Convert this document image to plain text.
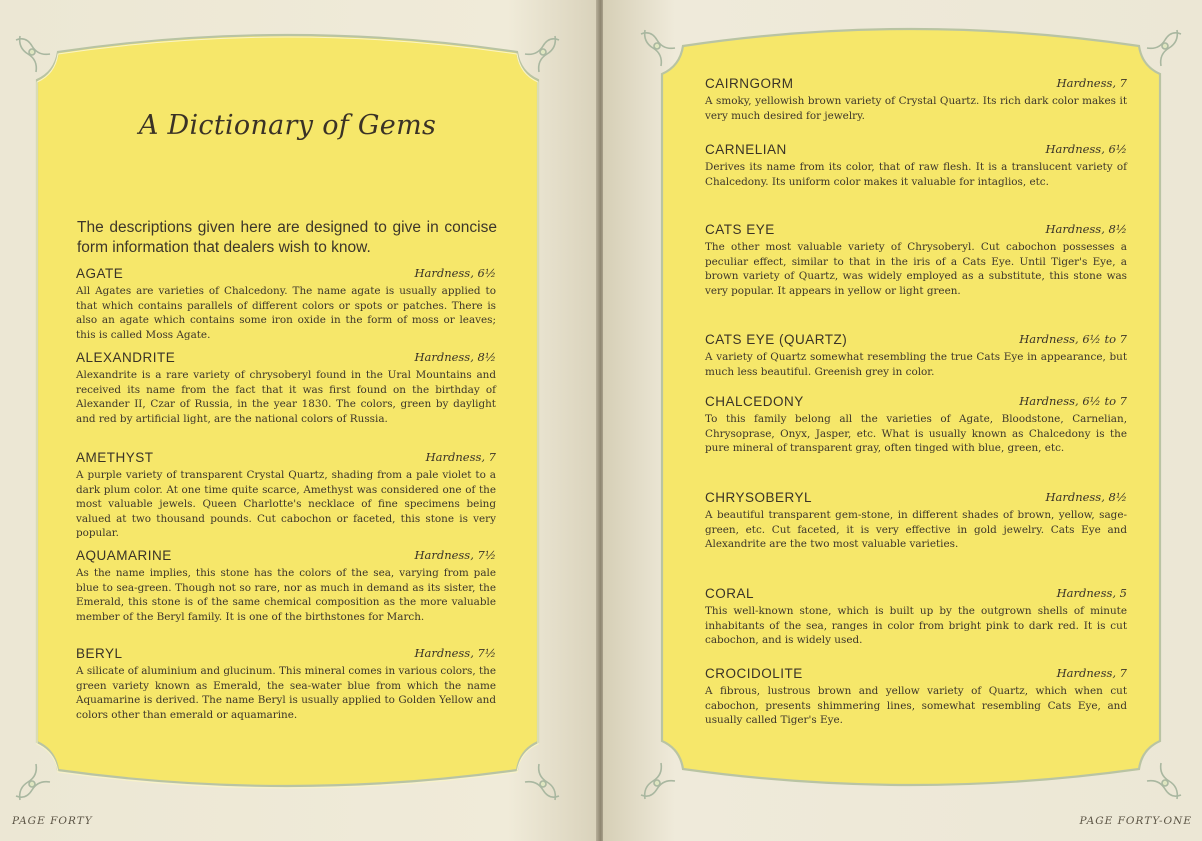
A Dictionary of Gems
The descriptions given here are designed to give in concise form information that dealers wish to know.
AGATE	Hardness, 6½
All Agates are varieties of Chalcedony. The name agate is usually applied to that which contains parallels of different colors or spots or patches. There is also an agate which contains some iron oxide in the form of moss or leaves; this is called Moss Agate.
ALEXANDRITE	Hardness, 8½
Alexandrite is a rare variety of chrysoberyl found in the Ural Mountains and received its name from the fact that it was first found on the birthday of Alexander II, Czar of Russia, in the year 1830. The colors, green by daylight and red by artificial light, are the national colors of Russia.
AMETHYST	Hardness, 7
A purple variety of transparent Crystal Quartz, shading from a pale violet to a dark plum color. At one time quite scarce, Amethyst was considered one of the most valuable jewels. Queen Charlotte's necklace of fine specimens being valued at two thousand pounds. Cut cabochon or faceted, this stone is very popular.
AQUAMARINE	Hardness, 7½
As the name implies, this stone has the colors of the sea, varying from pale blue to sea-green. Though not so rare, nor as much in demand as its sister, the Emerald, this stone is of the same chemical composition as the more valuable member of the Beryl family. It is one of the birthstones for March.
BERYL	Hardness, 7½
A silicate of aluminium and glucinum. This mineral comes in various colors, the green variety known as Emerald, the sea-water blue from which the name Aquamarine is derived. The name Beryl is usually applied to Golden Yellow and colors other than emerald or aquamarine.
PAGE FORTY
CAIRNGORM	Hardness, 7
A smoky, yellowish brown variety of Crystal Quartz. Its rich dark color makes it very much desired for jewelry.
CARNELIAN	Hardness, 6½
Derives its name from its color, that of raw flesh. It is a translucent variety of Chalcedony. Its uniform color makes it valuable for intaglios, etc.
CATS EYE	Hardness, 8½
The other most valuable variety of Chrysoberyl. Cut cabochon possesses a peculiar effect, similar to that in the iris of a Cats Eye. Until Tiger's Eye, a brown variety of Quartz, was widely employed as a substitute, this stone was very popular. It appears in yellow or light green.
CATS EYE (QUARTZ)	Hardness, 6½ to 7
A variety of Quartz somewhat resembling the true Cats Eye in appearance, but much less beautiful. Greenish grey in color.
CHALCEDONY	Hardness, 6½ to 7
To this family belong all the varieties of Agate, Bloodstone, Carnelian, Chrysoprase, Onyx, Jasper, etc. What is usually known as Chalcedony is the pure mineral of transparent gray, often tinged with blue, green, etc.
CHRYSOBERYL	Hardness, 8½
A beautiful transparent gem-stone, in different shades of brown, yellow, sage-green, etc. Cut faceted, it is very effective in gold jewelry. Cats Eye and Alexandrite are the two most valuable varieties.
CORAL	Hardness, 5
This well-known stone, which is built up by the outgrown shells of minute inhabitants of the sea, ranges in color from bright pink to dark red. It is cut cabochon, and is widely used.
CROCIDOLITE	Hardness, 7
A fibrous, lustrous brown and yellow variety of Quartz, which when cut cabochon, presents shimmering lines, somewhat resembling Cats Eye, and usually called Tiger's Eye.
PAGE FORTY-ONE
